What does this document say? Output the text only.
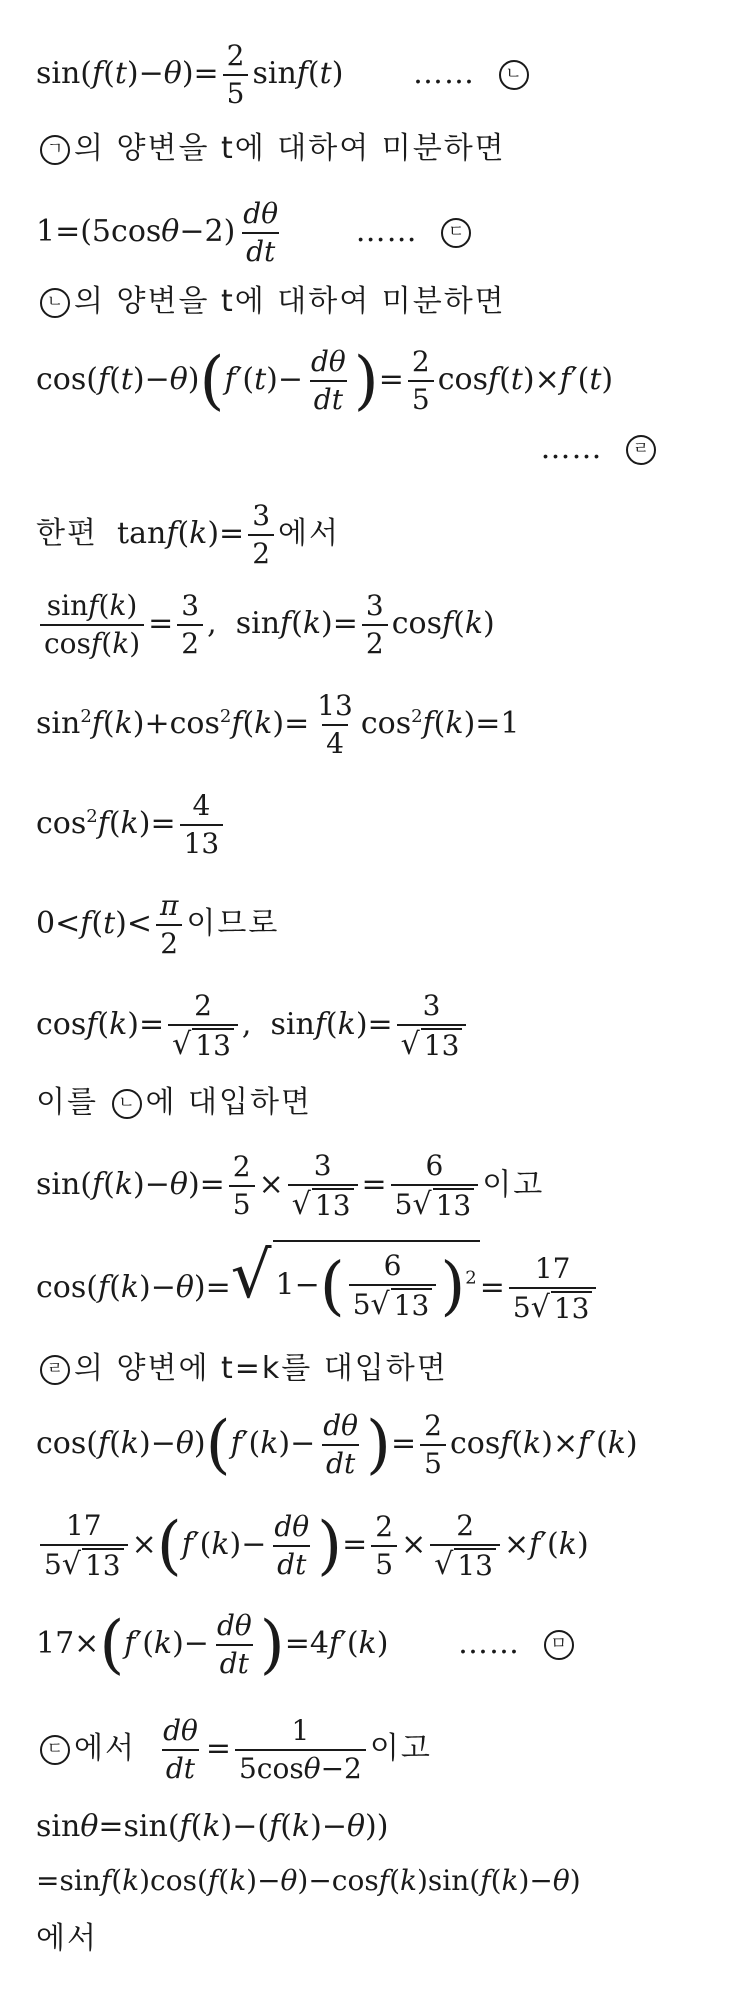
$\sin(f(t)-\theta)= \frac{2}{5} \sin f(t)$ …… ㄴ
ㄱ 의 양변을 t에 대하여 미분하면
$1=(5\cos\theta-2) \frac{d\theta}{dt}$ …… ㄷ
ㄴ 의 양변을 t에 대하여 미분하면
$\cos(f(t)-\theta)(f'(t)- \frac{d\theta}{dt}$ )= $\frac{2}{5} \cos f(t)\times f'(t)$
…… ㄹ
한편  $\tan f(k)= \frac{3}{2}$ 에서
$\frac{\sin f(k)}{\cos f(k)} = \frac{3}{2}$ ,  $\sin f(k)= \frac{3}{2} \cos f(k)$
$\sin^2f(k)+\cos^2f(k)= \frac{13}{4} \cos^2f(k)=1$
$\cos^2f(k)= \frac{4}{13}$
$0<f(t)< \frac{\pi}{2}$ 이므로
$\cos f(k)= \frac{2}{√ 13}$ ,  $\sin f(k)= \frac{3}{√ 13}$
이를 ㄴ 에 대입하면
$\sin(f(k)-\theta)= \frac{2}{5} \times \frac{3}{√ 13} = \frac{6}{5 √ 13}$ 이고
cos(f(k)−θ)= √ $1-( \frac{6}{5 √ 13} )^2 = \frac{17}{5 √ 13}$
ㄹ 의 양변에 t=k를 대입하면
$\cos(f(k)-\theta)(f'(k)- \frac{d\theta}{dt}$ )= $\frac{2}{5} \cos f(k)\times f'(k)$
$\frac{17}{5 √ 13} \times(f'(k)- \frac{d\theta}{dt}$ )= $\frac{2}{5} \times \frac{2}{√ 13} \times f'(k)$
$17\times(f'(k)- \frac{d\theta}{dt} )=4f'(k)$ …… ㅁ
ㄷ 에서 $\frac{d\theta}{dt} = \frac{1}{5\cos\theta-2}$ 이고
sinθ=sin(f(k)−(f(k)−θ))
=sinf(k)cos(f(k)−θ)−cosf(k)sin(f(k)−θ)
에서
